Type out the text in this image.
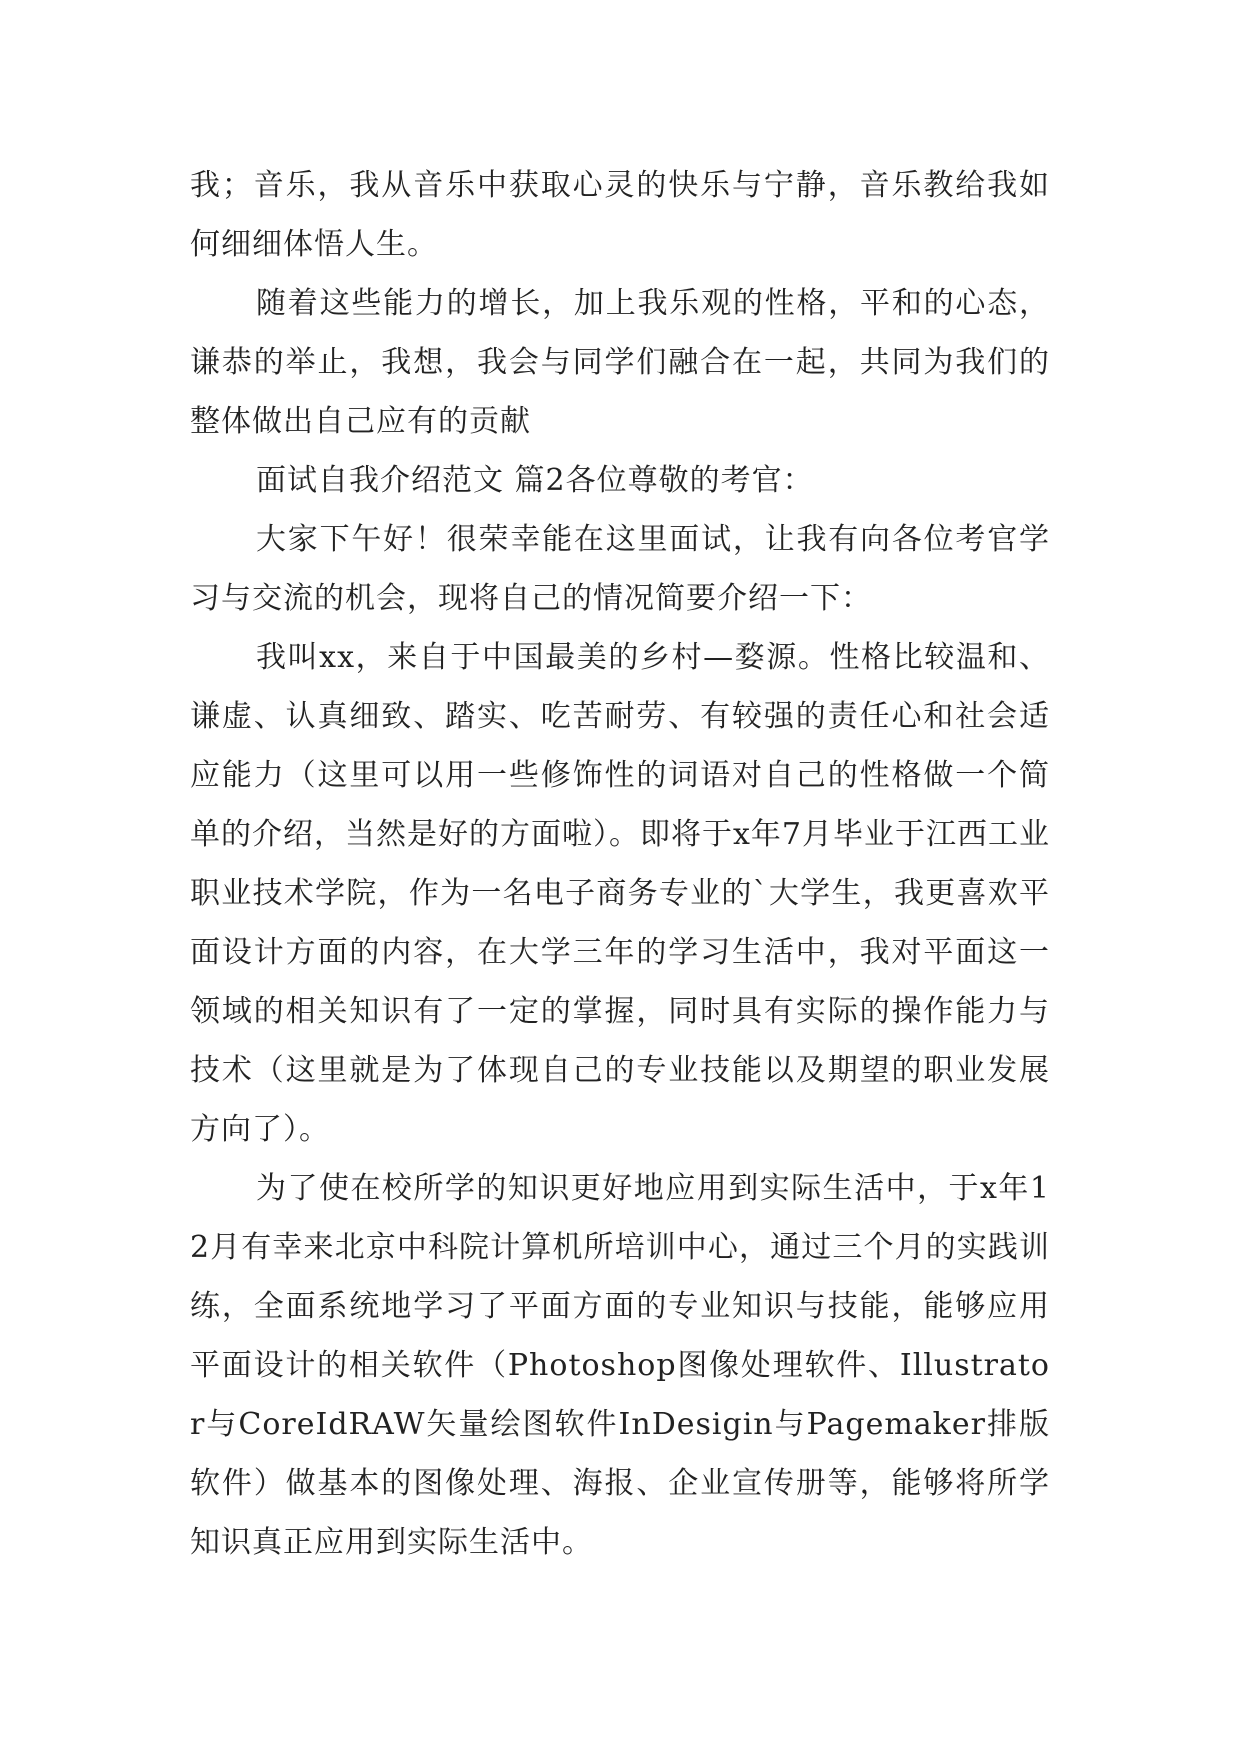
我；音乐，我从音乐中获取心灵的快乐与宁静，音乐教给我如何细细体悟人生。

随着这些能力的增长，加上我乐观的性格，平和的心态，谦恭的举止，我想，我会与同学们融合在一起，共同为我们的整体做出自己应有的贡献

面试自我介绍范文 篇2各位尊敬的考官：

大家下午好！很荣幸能在这里面试，让我有向各位考官学习与交流的机会，现将自己的情况简要介绍一下：

我叫xx，来自于中国最美的乡村—婺源。性格比较温和、谦虚、认真细致、踏实、吃苦耐劳、有较强的责任心和社会适应能力（这里可以用一些修饰性的词语对自己的性格做一个简单的介绍，当然是好的方面啦）。即将于x年7月毕业于江西工业职业技术学院，作为一名电子商务专业的`大学生，我更喜欢平面设计方面的内容，在大学三年的学习生活中，我对平面这一领域的相关知识有了一定的掌握，同时具有实际的操作能力与技术（这里就是为了体现自己的专业技能以及期望的职业发展方向了）。

为了使在校所学的知识更好地应用到实际生活中，于x年12月有幸来北京中科院计算机所培训中心，通过三个月的实践训练，全面系统地学习了平面方面的专业知识与技能，能够应用平面设计的相关软件（Photoshop图像处理软件、Illustrator与CoreIdRAW矢量绘图软件InDesigin与Pagemaker排版软件）做基本的图像处理、海报、企业宣传册等，能够将所学知识真正应用到实际生活中。
